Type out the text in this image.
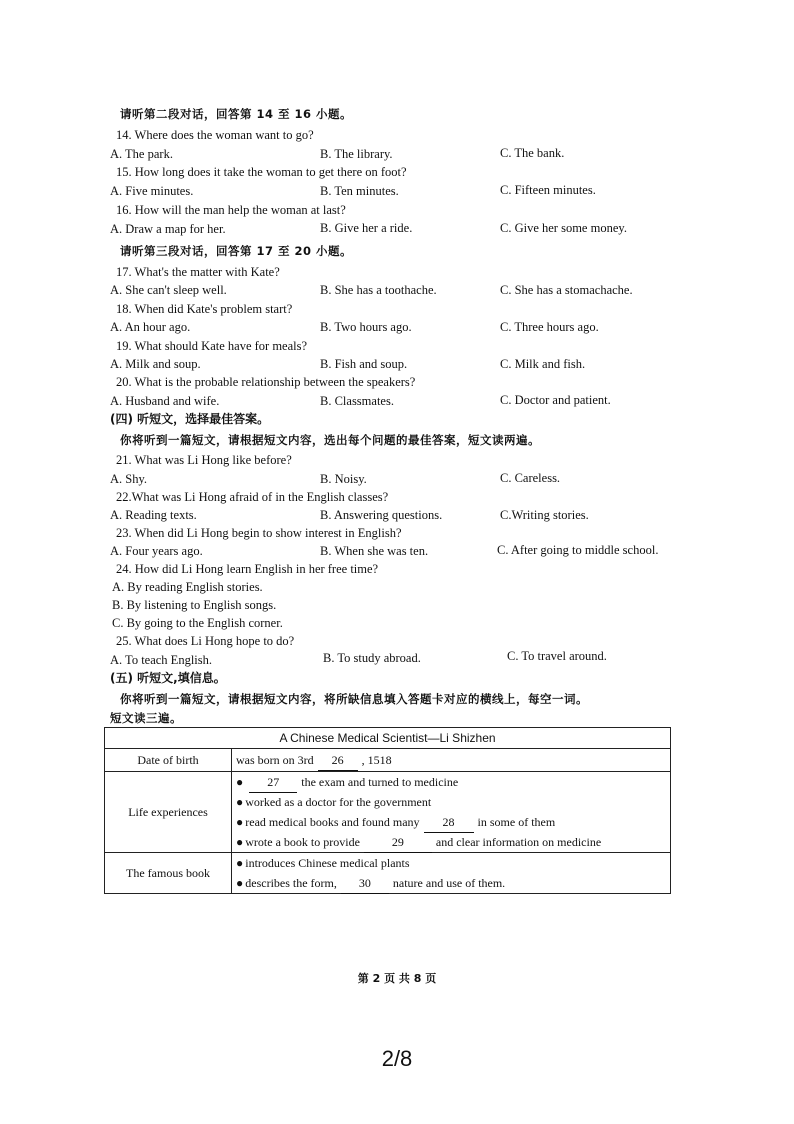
请听第二段对话，回答第 14 至 16 小题。
14. Where does the woman want to go?
A. The park.	B. The library.	C. The bank.
15. How long does it take the woman to get there on foot?
A. Five minutes.	B. Ten minutes.	C. Fifteen minutes.
16. How will the man help the woman at last?
A. Draw a map for her.	B. Give her a ride.	C. Give her some money.
请听第三段对话，回答第 17 至 20 小题。
17. What's the matter with Kate?
A. She can't sleep well.	B. She has a toothache.	C. She has a stomachache.
18. When did Kate's problem start?
A. An hour ago.	B. Two hours ago.	C. Three hours ago.
19. What should Kate have for meals?
A. Milk and soup.	B. Fish and soup.	C. Milk and fish.
20. What is the probable relationship between the speakers?
A. Husband and wife.	B. Classmates.	C. Doctor and patient.
(四) 听短文，选择最佳答案。
你将听到一篇短文，请根据短文内容，选出每个问题的最佳答案，短文读两遍。
21. What was Li Hong like before?
A. Shy.	B. Noisy.	C. Careless.
22.What was Li Hong afraid of in the English classes?
A. Reading texts.	B. Answering questions.	C.Writing stories.
23. When did Li Hong begin to show interest in English?
A. Four years ago.	B. When she was ten.	C. After going to middle school.
24. How did Li Hong learn English in her free time?
A. By reading English stories.
B. By listening to English songs.
C. By going to the English corner.
25. What does Li Hong hope to do?
A. To teach English.	B. To study abroad.	C. To travel around.
(五) 听短文,填信息。
你将听到一篇短文，请根据短文内容，将所缺信息填入答题卡对应的横线上，每空一词。
短文读三遍。
A Chinese Medical Scientist—Li Shizhen	
Date of birth	was born on 3rd 26 , 1518

Life experiences	● 27 the exam and turned to medicine
● worked as a doctor for the government
● read medical books and found many 28 in some of them
● wrote a book to provide 29 and clear information on medicine

The famous book	● introduces Chinese medical plants
● describes the form, 30 nature and use of them.
第 2 页 共 8 页
2/8
